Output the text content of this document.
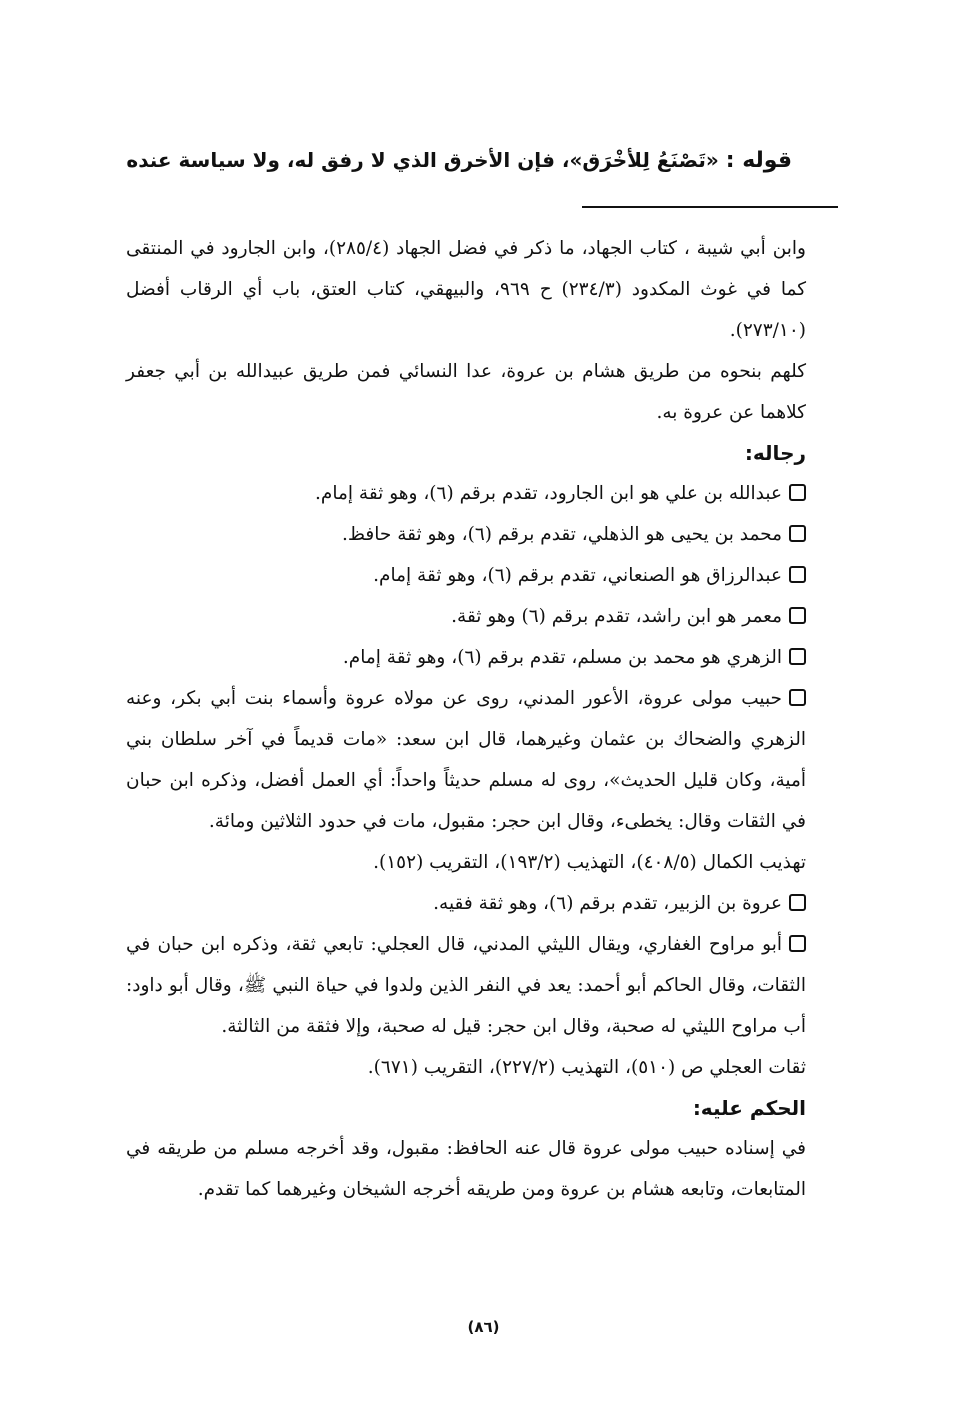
قوله : «تَصْنَعُ لِلأخْرَق»، فإن الأخرق الذي لا رفق له، ولا سياسة عنده

وابن أبي شيبة ، كتاب الجهاد، ما ذكر في فضل الجهاد (٢٨٥/٤)، وابن الجارود في المنتقى كما في غوث المكدود (٢٣٤/٣) ح ٩٦٩، والبيهقي، كتاب العتق، باب أي الرقاب أفضل (٢٧٣/١٠).

كلهم بنحوه من طريق هشام بن عروة، عدا النسائي فمن طريق عبيدالله بن أبي جعفر كلاهما عن عروة به.

رجاله:

عبدالله بن علي هو ابن الجارود، تقدم برقم (٦)، وهو ثقة إمام.

محمد بن يحيى هو الذهلي، تقدم برقم (٦)، وهو ثقة حافظ.

عبدالرزاق هو الصنعاني، تقدم برقم (٦)، وهو ثقة إمام.

معمر هو ابن راشد، تقدم برقم (٦) وهو ثقة.

الزهري هو محمد بن مسلم، تقدم برقم (٦)، وهو ثقة إمام.

حبيب مولى عروة، الأعور المدني، روى عن مولاه عروة وأسماء بنت أبي بكر، وعنه الزهري والضحاك بن عثمان وغيرهما، قال ابن سعد: «مات قديماً في آخر سلطان بني أمية، وكان قليل الحديث»، روى له مسلم حديثاً واحداً: أي العمل أفضل، وذكره ابن حبان في الثقات وقال: يخطىء، وقال ابن حجر: مقبول، مات في حدود الثلاثين ومائة.

تهذيب الكمال (٤٠٨/٥)، التهذيب (١٩٣/٢)، التقريب (١٥٢).

عروة بن الزبير، تقدم برقم (٦)، وهو ثقة فقيه.

أبو مراوح الغفاري، ويقال الليثي المدني، قال العجلي: تابعي ثقة، وذكره ابن حبان في الثقات، وقال الحاكم أبو أحمد: يعد في النفر الذين ولدوا في حياة النبي ﷺ، وقال أبو داود: أب مراوح الليثي له صحبة، وقال ابن حجر: قيل له صحبة، وإلا فثقة من الثالثة.

ثقات العجلي ص (٥١٠)، التهذيب (٢٢٧/٢)، التقريب (٦٧١).

الحكم عليه:

في إسناده حبيب مولى عروة قال عنه الحافظ: مقبول، وقد أخرجه مسلم من طريقه في المتابعات، وتابعه هشام بن عروة ومن طريقه أخرجه الشيخان وغيرهما كما تقدم.

(٨٦)
